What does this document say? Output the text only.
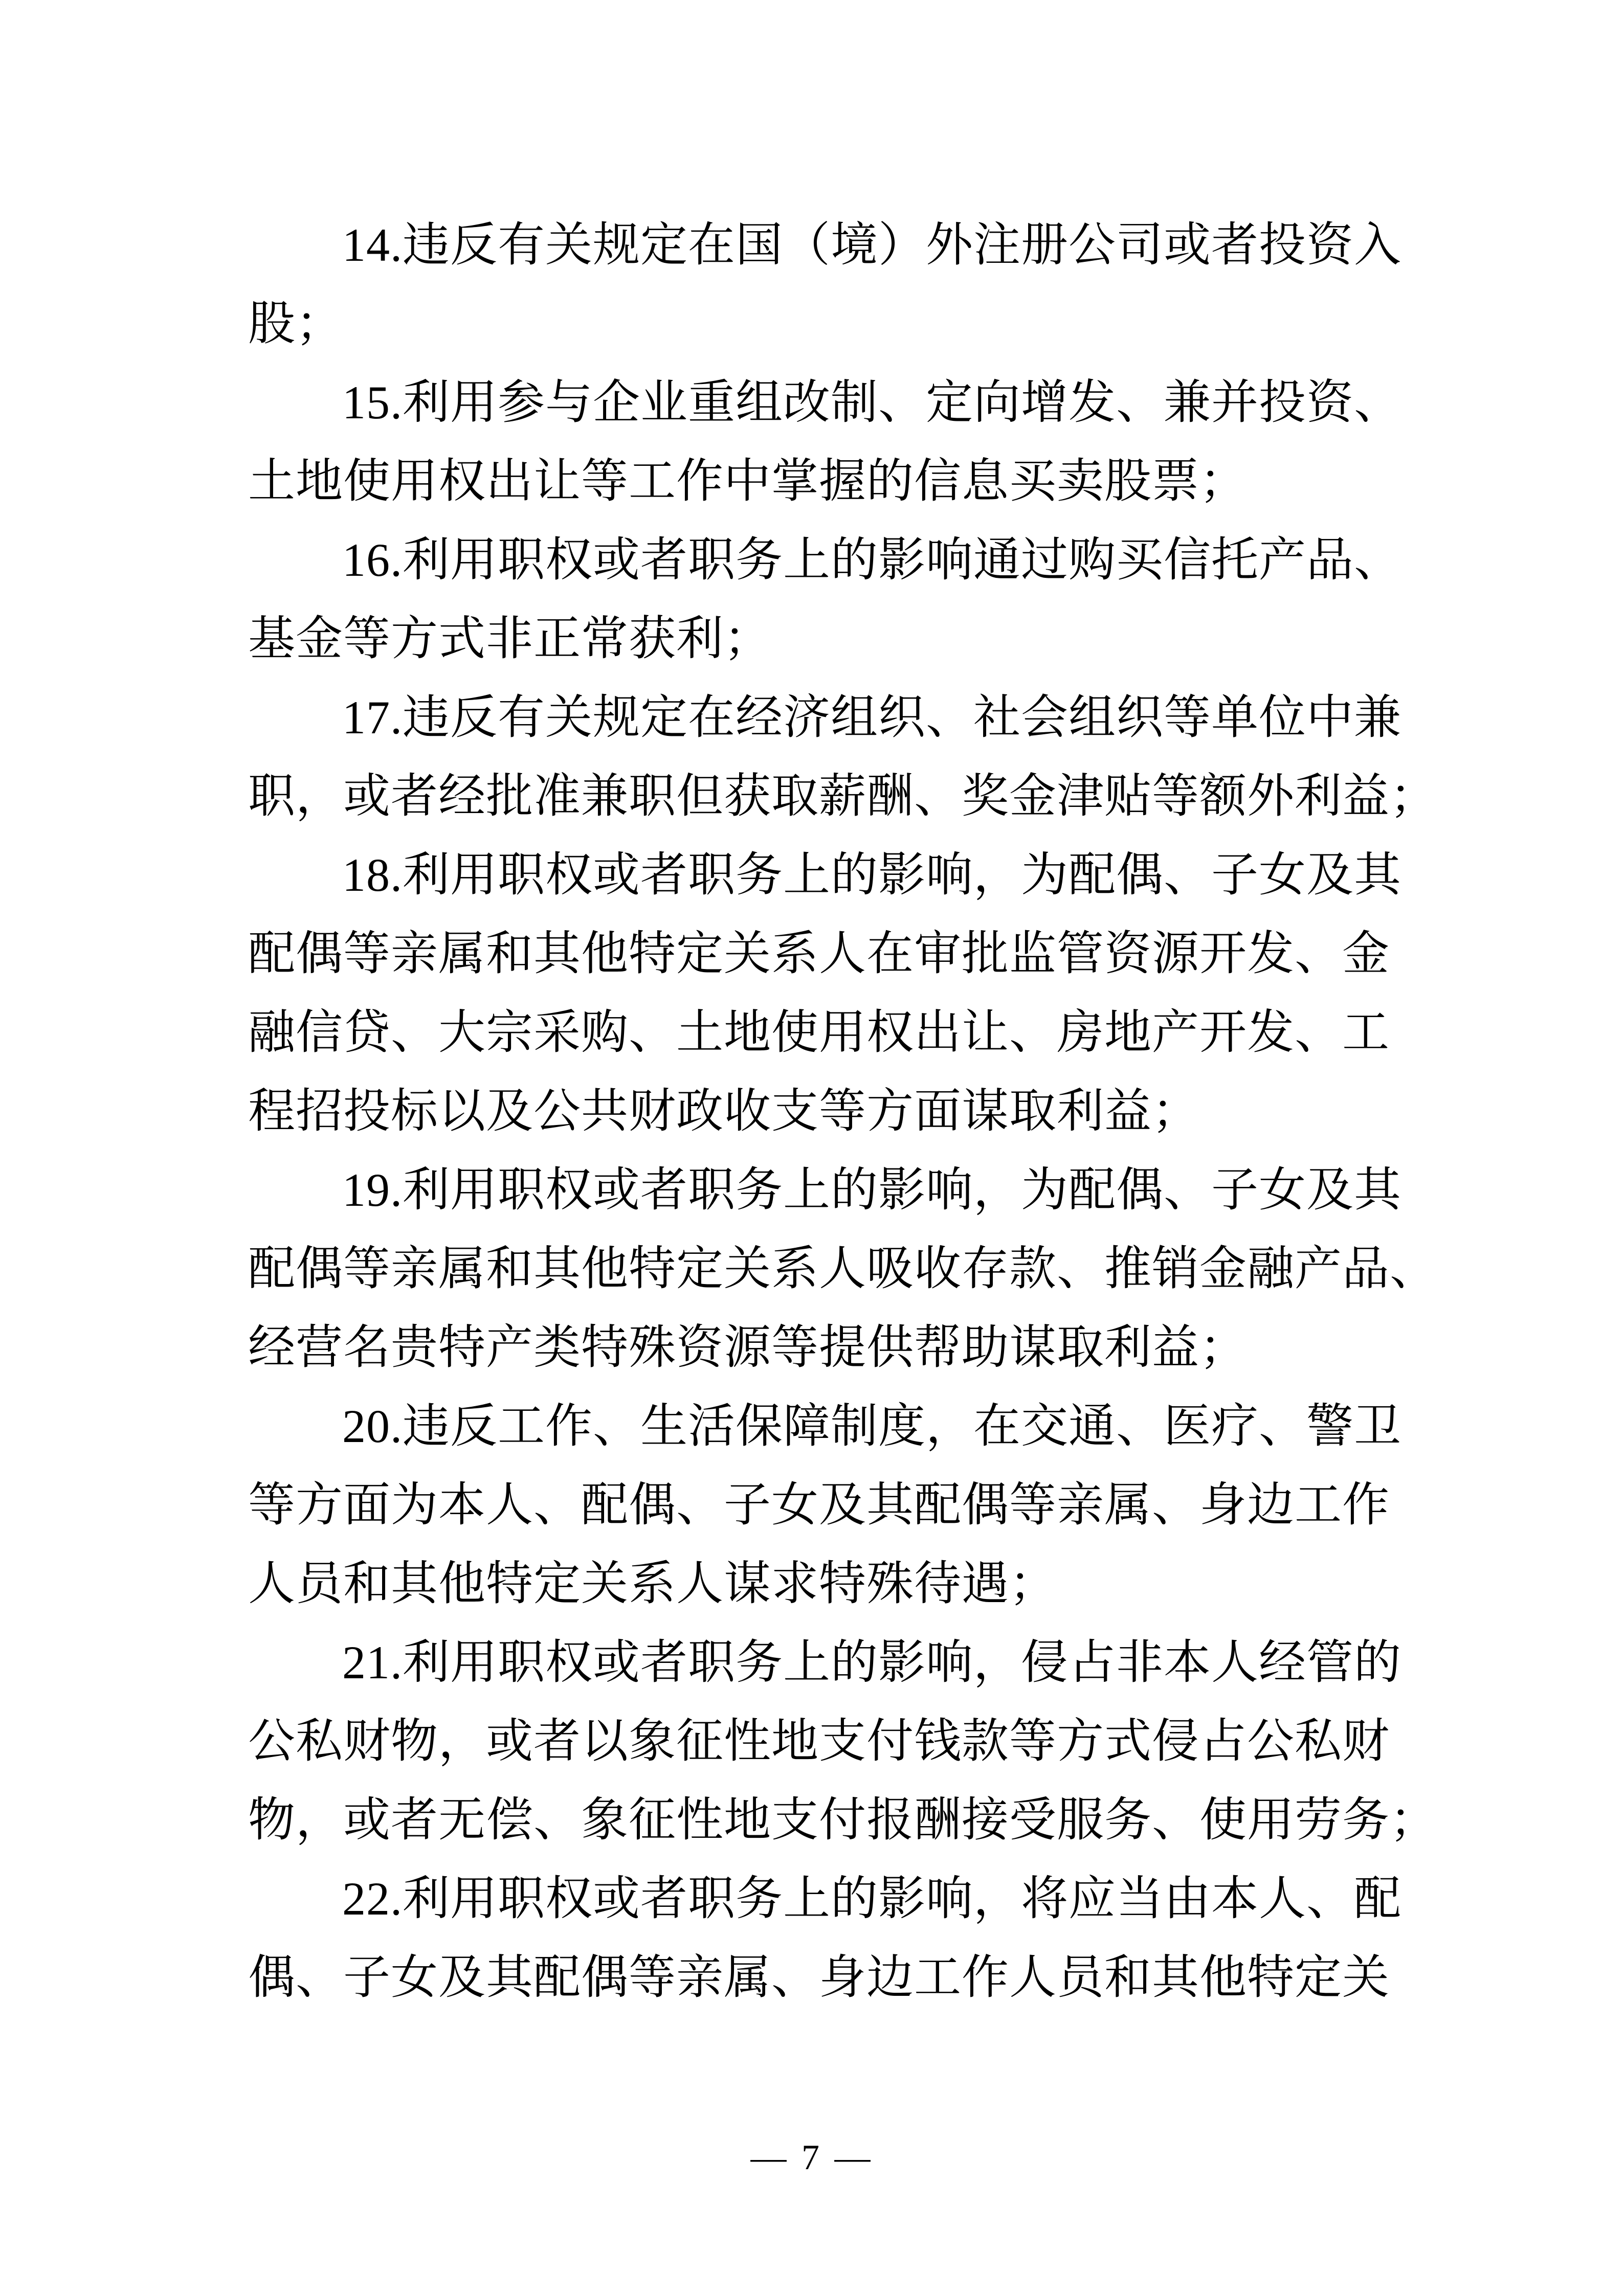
14.违反有关规定在国（境）外注册公司或者投资入
股；
15.利用参与企业重组改制、定向增发、兼并投资、
土地使用权出让等工作中掌握的信息买卖股票；
16.利用职权或者职务上的影响通过购买信托产品、
基金等方式非正常获利；
17.违反有关规定在经济组织、社会组织等单位中兼
职，或者经批准兼职但获取薪酬、奖金津贴等额外利益；
18.利用职权或者职务上的影响，为配偶、子女及其
配偶等亲属和其他特定关系人在审批监管资源开发、金
融信贷、大宗采购、土地使用权出让、房地产开发、工
程招投标以及公共财政收支等方面谋取利益；
19.利用职权或者职务上的影响，为配偶、子女及其
配偶等亲属和其他特定关系人吸收存款、推销金融产品、
经营名贵特产类特殊资源等提供帮助谋取利益；
20.违反工作、生活保障制度，在交通、医疗、警卫
等方面为本人、配偶、子女及其配偶等亲属、身边工作
人员和其他特定关系人谋求特殊待遇；
21.利用职权或者职务上的影响，侵占非本人经管的
公私财物，或者以象征性地支付钱款等方式侵占公私财
物，或者无偿、象征性地支付报酬接受服务、使用劳务；
22.利用职权或者职务上的影响，将应当由本人、配
偶、子女及其配偶等亲属、身边工作人员和其他特定关
— 7 —
